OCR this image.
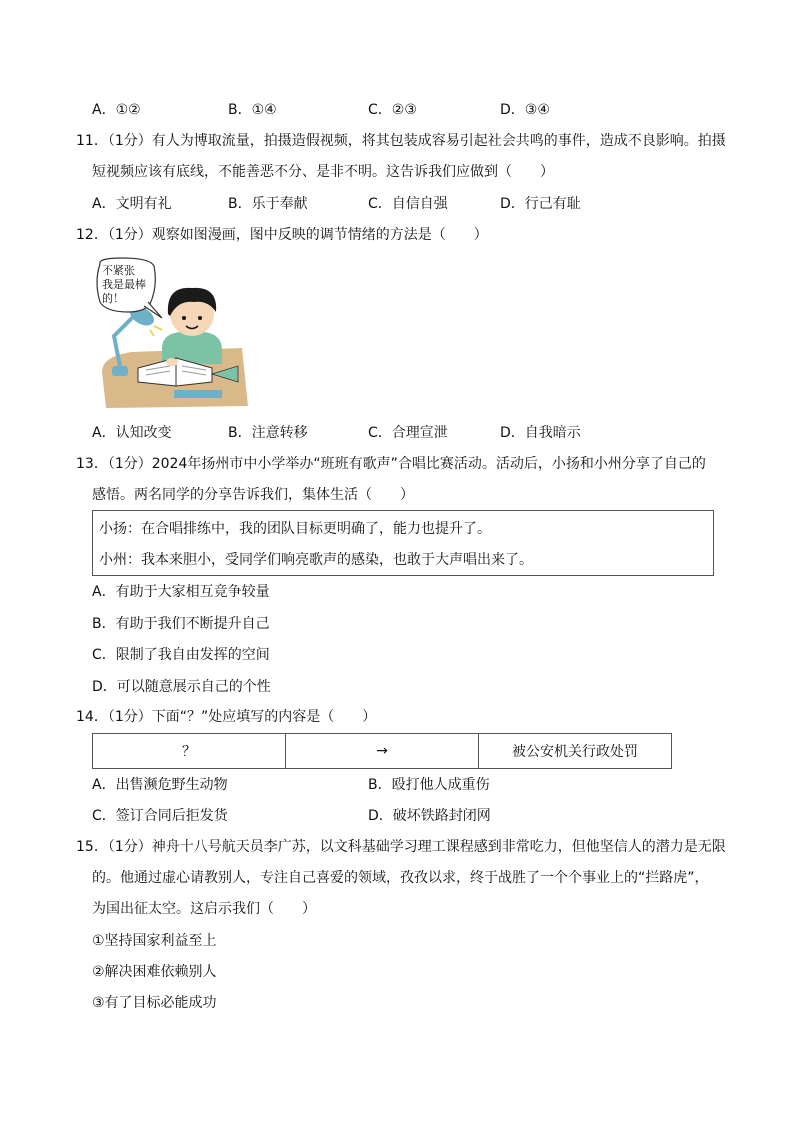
A．①②	B．①④	C．②③	D．③④
11．（1分）有人为博取流量，拍摄造假视频，将其包装成容易引起社会共鸣的事件，造成不良影响。拍摄
短视频应该有底线，不能善恶不分、是非不明。这告诉我们应做到（　　）
A．文明有礼	B．乐于奉献	C．自信自强	D．行己有耻
12．（1分）观察如图漫画，图中反映的调节情绪的方法是（　　）
不紧张
我是最棒
的！
A．认知改变	B．注意转移	C．合理宣泄	D．自我暗示
13．（1分）2024年扬州市中小学举办“班班有歌声”合唱比赛活动。活动后，小扬和小州分享了自己的
感悟。两名同学的分享告诉我们，集体生活（　　）
小扬：在合唱排练中，我的团队目标更明确了，能力也提升了。
小州：我本来胆小，受同学们响亮歌声的感染，也敢于大声唱出来了。
A．有助于大家相互竞争较量
B．有助于我们不断提升自己
C．限制了我自由发挥的空间
D．可以随意展示自己的个性
14．（1分）下面“？”处应填写的内容是（　　）
？	→	被公安机关行政处罚
A．出售濒危野生动物	B．殴打他人成重伤
C．签订合同后拒发货	D．破坏铁路封闭网
15．（1分）神舟十八号航天员李广苏，以文科基础学习理工课程感到非常吃力，但他坚信人的潜力是无限
的。他通过虚心请教别人，专注自己喜爱的领域，孜孜以求，终于战胜了一个个事业上的“拦路虎”，
为国出征太空。这启示我们（　　）
①坚持国家利益至上
②解决困难依赖别人
③有了目标必能成功
